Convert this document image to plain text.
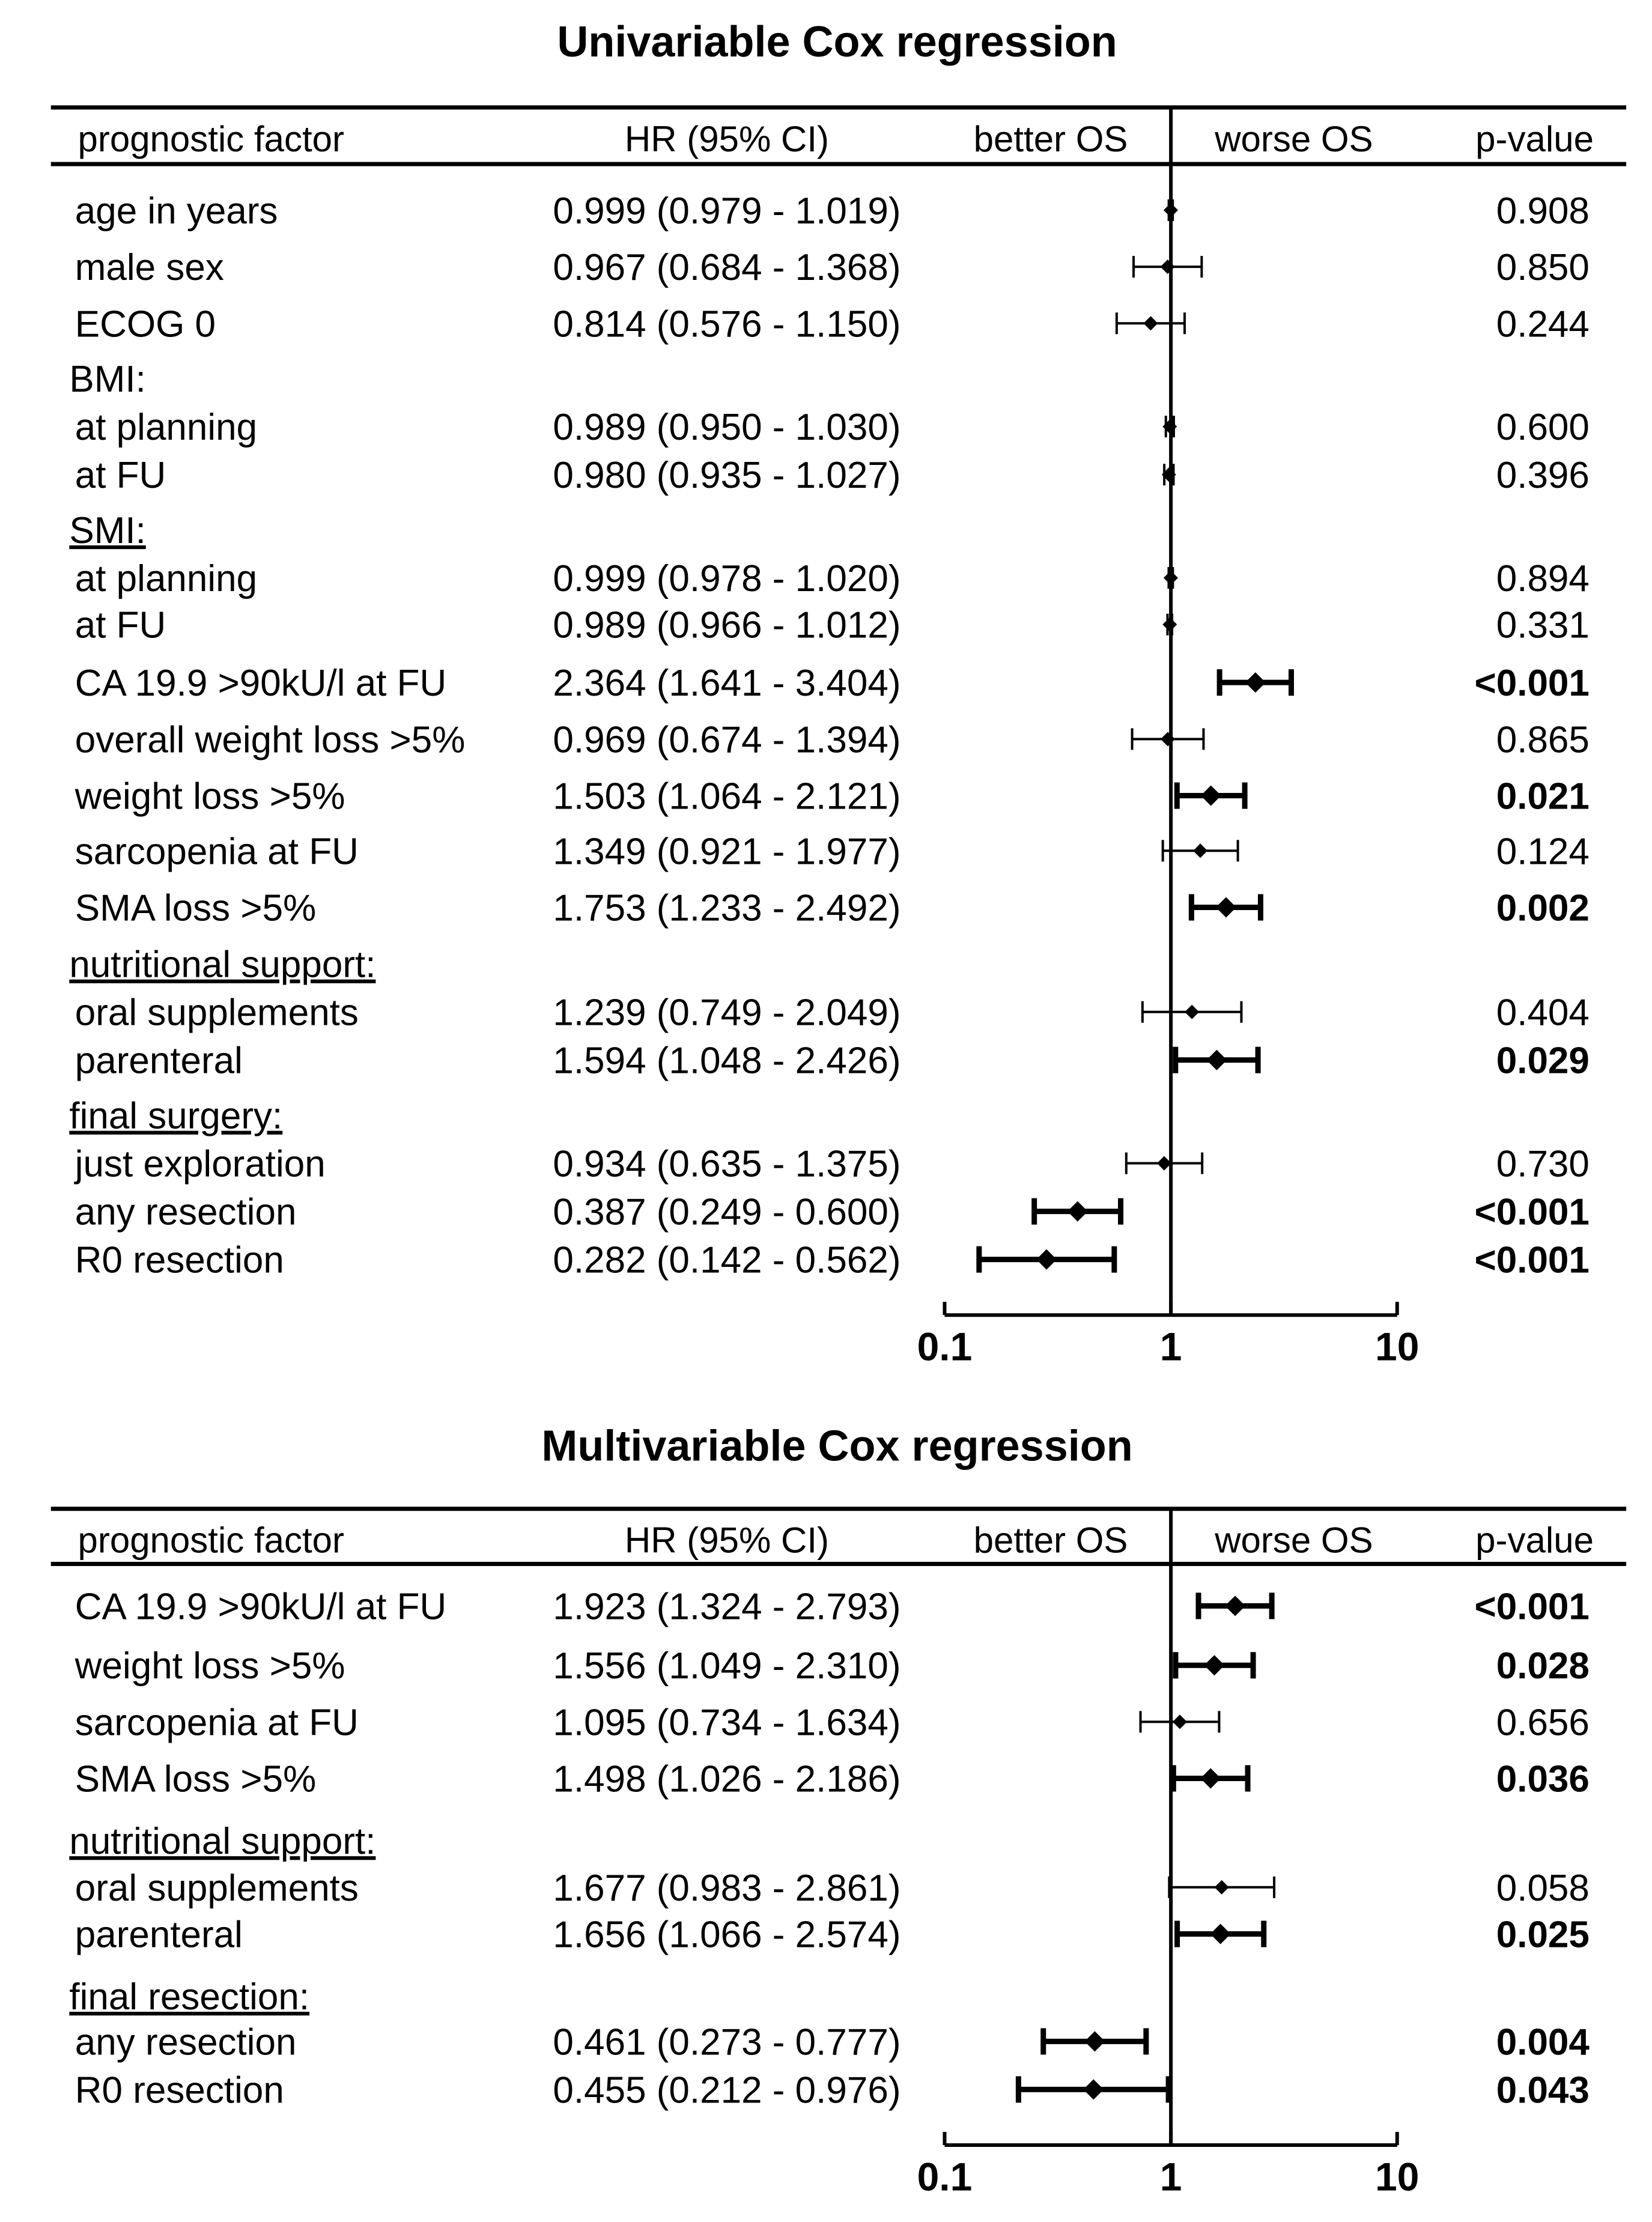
Univariable Cox regression
prognostic factor	HR (95% CI)	better OS worse OS	p-value
0.1	1	10
age in years	0.999 (0.979 - 1.019)	0.908
male sex	0.967 (0.684 - 1.368)	0.850
ECOG 0	0.814 (0.576 - 1.150)	0.244
BMI:
at planning	0.989 (0.950 - 1.030)	0.600
at FU	0.980 (0.935 - 1.027)	0.396
SMI:
at planning	0.999 (0.978 - 1.020)	0.894
at FU	0.989 (0.966 - 1.012)	0.331
CA 19.9 >90kU/l at FU	2.364 (1.641 - 3.404)	<0.001
overall weight loss >5% 0.969 (0.674 - 1.394)	0.865
weight loss >5%	1.503 (1.064 - 2.121)	0.021
sarcopenia at FU	1.349 (0.921 - 1.977)	0.124
SMA loss >5%	1.753 (1.233 - 2.492)	0.002
nutritional support:
oral supplements	1.239 (0.749 - 2.049)	0.404
parenteral	1.594 (1.048 - 2.426)	0.029
final surgery:
just exploration	0.934 (0.635 - 1.375)	0.730
any resection	0.387 (0.249 - 0.600)	<0.001
R0 resection	0.282 (0.142 - 0.562)	<0.001
Multivariable Cox regression
prognostic factor	HR (95% CI)	better OS worse OS	p-value
0.1	1	10
CA 19.9 >90kU/l at FU	1.923 (1.324 - 2.793)	<0.001
weight loss >5%	1.556 (1.049 - 2.310)	0.028
sarcopenia at FU	1.095 (0.734 - 1.634)	0.656
SMA loss >5%	1.498 (1.026 - 2.186)	0.036
nutritional support:
oral supplements	1.677 (0.983 - 2.861)	0.058
parenteral	1.656 (1.066 - 2.574)	0.025
final resection:
any resection	0.461 (0.273 - 0.777)	0.004
R0 resection	0.455 (0.212 - 0.976)	0.043
